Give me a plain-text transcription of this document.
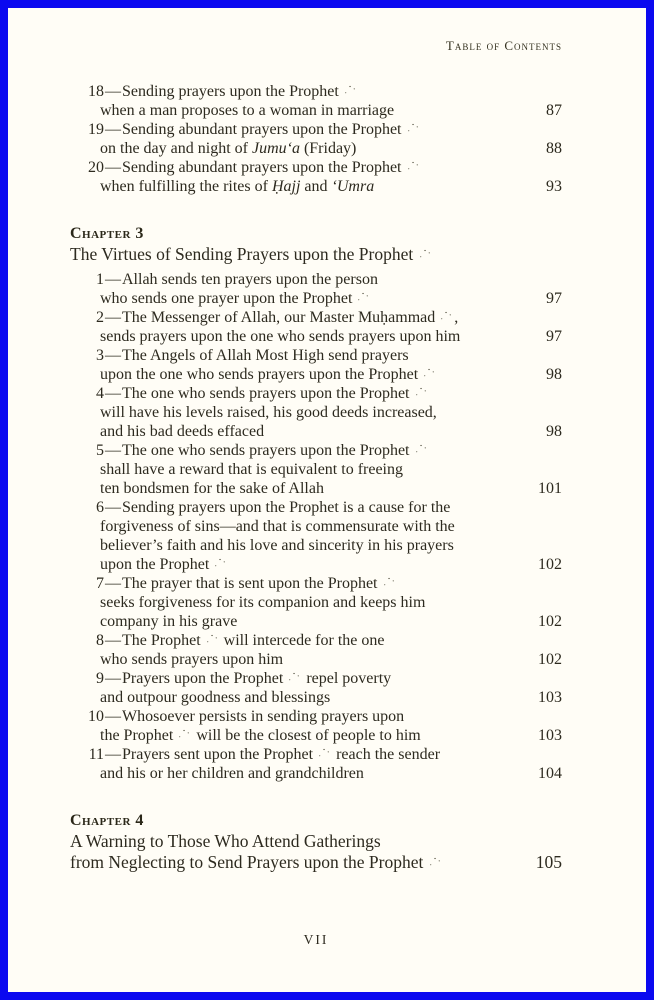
Table of Contents
18 — Sending prayers upon the Prophet
when a man proposes to a woman in marriage	87
19 — Sending abundant prayers upon the Prophet
on the day and night of Jumu‘a (Friday)	88
20 — Sending abundant prayers upon the Prophet
when fulfilling the rites of Ḥajj and ‘Umra	93
Chapter 3
The Virtues of Sending Prayers upon the Prophet
1 — Allah sends ten prayers upon the person
who sends one prayer upon the Prophet	97
2 — The Messenger of Allah, our Master Muḥammad ,
sends prayers upon the one who sends prayers upon him	97
3 — The Angels of Allah Most High send prayers
upon the one who sends prayers upon the Prophet	98
4 — The one who sends prayers upon the Prophet
will have his levels raised, his good deeds increased,
and his bad deeds effaced	98
5 — The one who sends prayers upon the Prophet
shall have a reward that is equivalent to freeing
ten bondsmen for the sake of Allah	101
6 — Sending prayers upon the Prophet is a cause for the
forgiveness of sins—and that is commensurate with the
believer’s faith and his love and sincerity in his prayers
upon the Prophet	102
7 — The prayer that is sent upon the Prophet
seeks forgiveness for its companion and keeps him
company in his grave	102
8 — The Prophet  will intercede for the one
who sends prayers upon him	102
9 — Prayers upon the Prophet  repel poverty
and outpour goodness and blessings	103
10 — Whosoever persists in sending prayers upon
the Prophet  will be the closest of people to him	103
11 — Prayers sent upon the Prophet  reach the sender
and his or her children and grandchildren	104
Chapter 4
A Warning to Those Who Attend Gatherings
from Neglecting to Send Prayers upon the Prophet	105
VII
